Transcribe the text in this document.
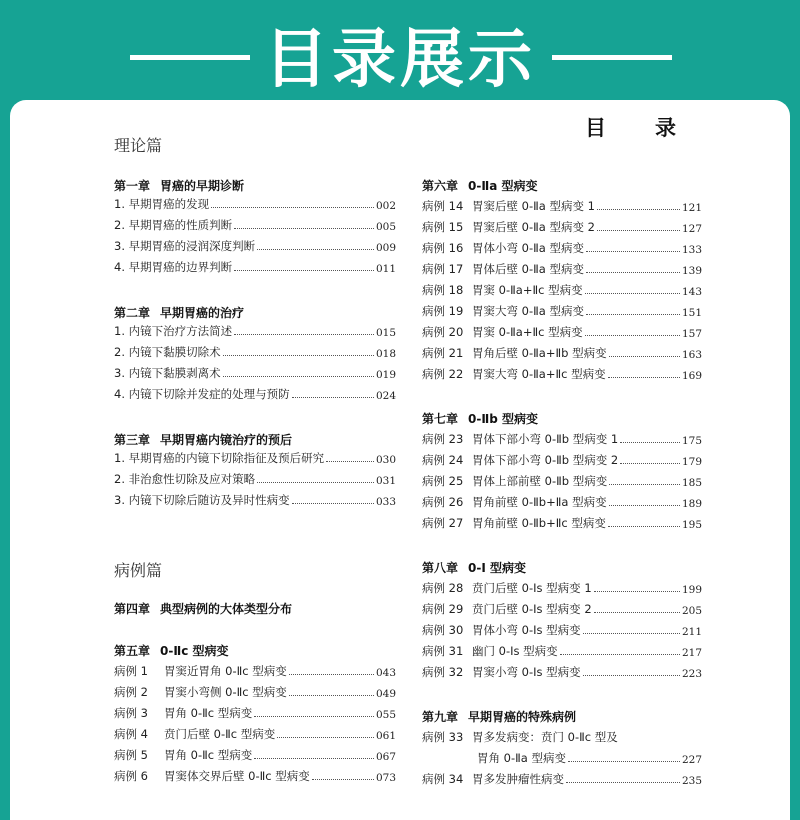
目录展示
目　录
理论篇
第一章 胃癌的早期诊断
1. 早期胃癌的发现	002
2. 早期胃癌的性质判断	005
3. 早期胃癌的浸润深度判断	009
4. 早期胃癌的边界判断	011
第二章 早期胃癌的治疗
1. 内镜下治疗方法简述	015
2. 内镜下黏膜切除术	018
3. 内镜下黏膜剥离术	019
4. 内镜下切除并发症的处理与预防	024
第三章 早期胃癌内镜治疗的预后
1. 早期胃癌的内镜下切除指征及预后研究	030
2. 非治愈性切除及应对策略	031
3. 内镜下切除后随访及异时性病变	033
病例篇
第四章 典型病例的大体类型分布
第五章 0-Ⅱc 型病变
病例 1	胃窦近胃角 0-Ⅱc 型病变	043
病例 2	胃窦小弯侧 0-Ⅱc 型病变	049
病例 3	胃角 0-Ⅱc 型病变	055
病例 4	贲门后壁 0-Ⅱc 型病变	061
病例 5	胃角 0-Ⅱc 型病变	067
病例 6	胃窦体交界后壁 0-Ⅱc 型病变	073
第六章 0-Ⅱa 型病变
病例 14 胃窦后壁 0-Ⅱa 型病变 1	121
病例 15 胃窦后壁 0-Ⅱa 型病变 2	127
病例 16 胃体小弯 0-Ⅱa 型病变	133
病例 17 胃体后壁 0-Ⅱa 型病变	139
病例 18 胃窦 0-Ⅱa+Ⅱc 型病变	143
病例 19 胃窦大弯 0-Ⅱa 型病变	151
病例 20 胃窦 0-Ⅱa+Ⅱc 型病变	157
病例 21 胃角后壁 0-Ⅱa+Ⅱb 型病变	163
病例 22 胃窦大弯 0-Ⅱa+Ⅱc 型病变	169
第七章 0-Ⅱb 型病变
病例 23 胃体下部小弯 0-Ⅱb 型病变 1	175
病例 24 胃体下部小弯 0-Ⅱb 型病变 2	179
病例 25 胃体上部前壁 0-Ⅱb 型病变	185
病例 26 胃角前壁 0-Ⅱb+Ⅱa 型病变	189
病例 27 胃角前壁 0-Ⅱb+Ⅱc 型病变	195
第八章 0-Ⅰ 型病变
病例 28 贲门后壁 0-Ⅰs 型病变 1	199
病例 29 贲门后壁 0-Ⅰs 型病变 2	205
病例 30 胃体小弯 0-Ⅰs 型病变	211
病例 31 幽门 0-Ⅰs 型病变	217
病例 32 胃窦小弯 0-Ⅰs 型病变	223
第九章 早期胃癌的特殊病例
病例 33 胃多发病变：贲门 0-Ⅱc 型及
胃角 0-Ⅱa 型病变	227
病例 34 胃多发肿瘤性病变	235
